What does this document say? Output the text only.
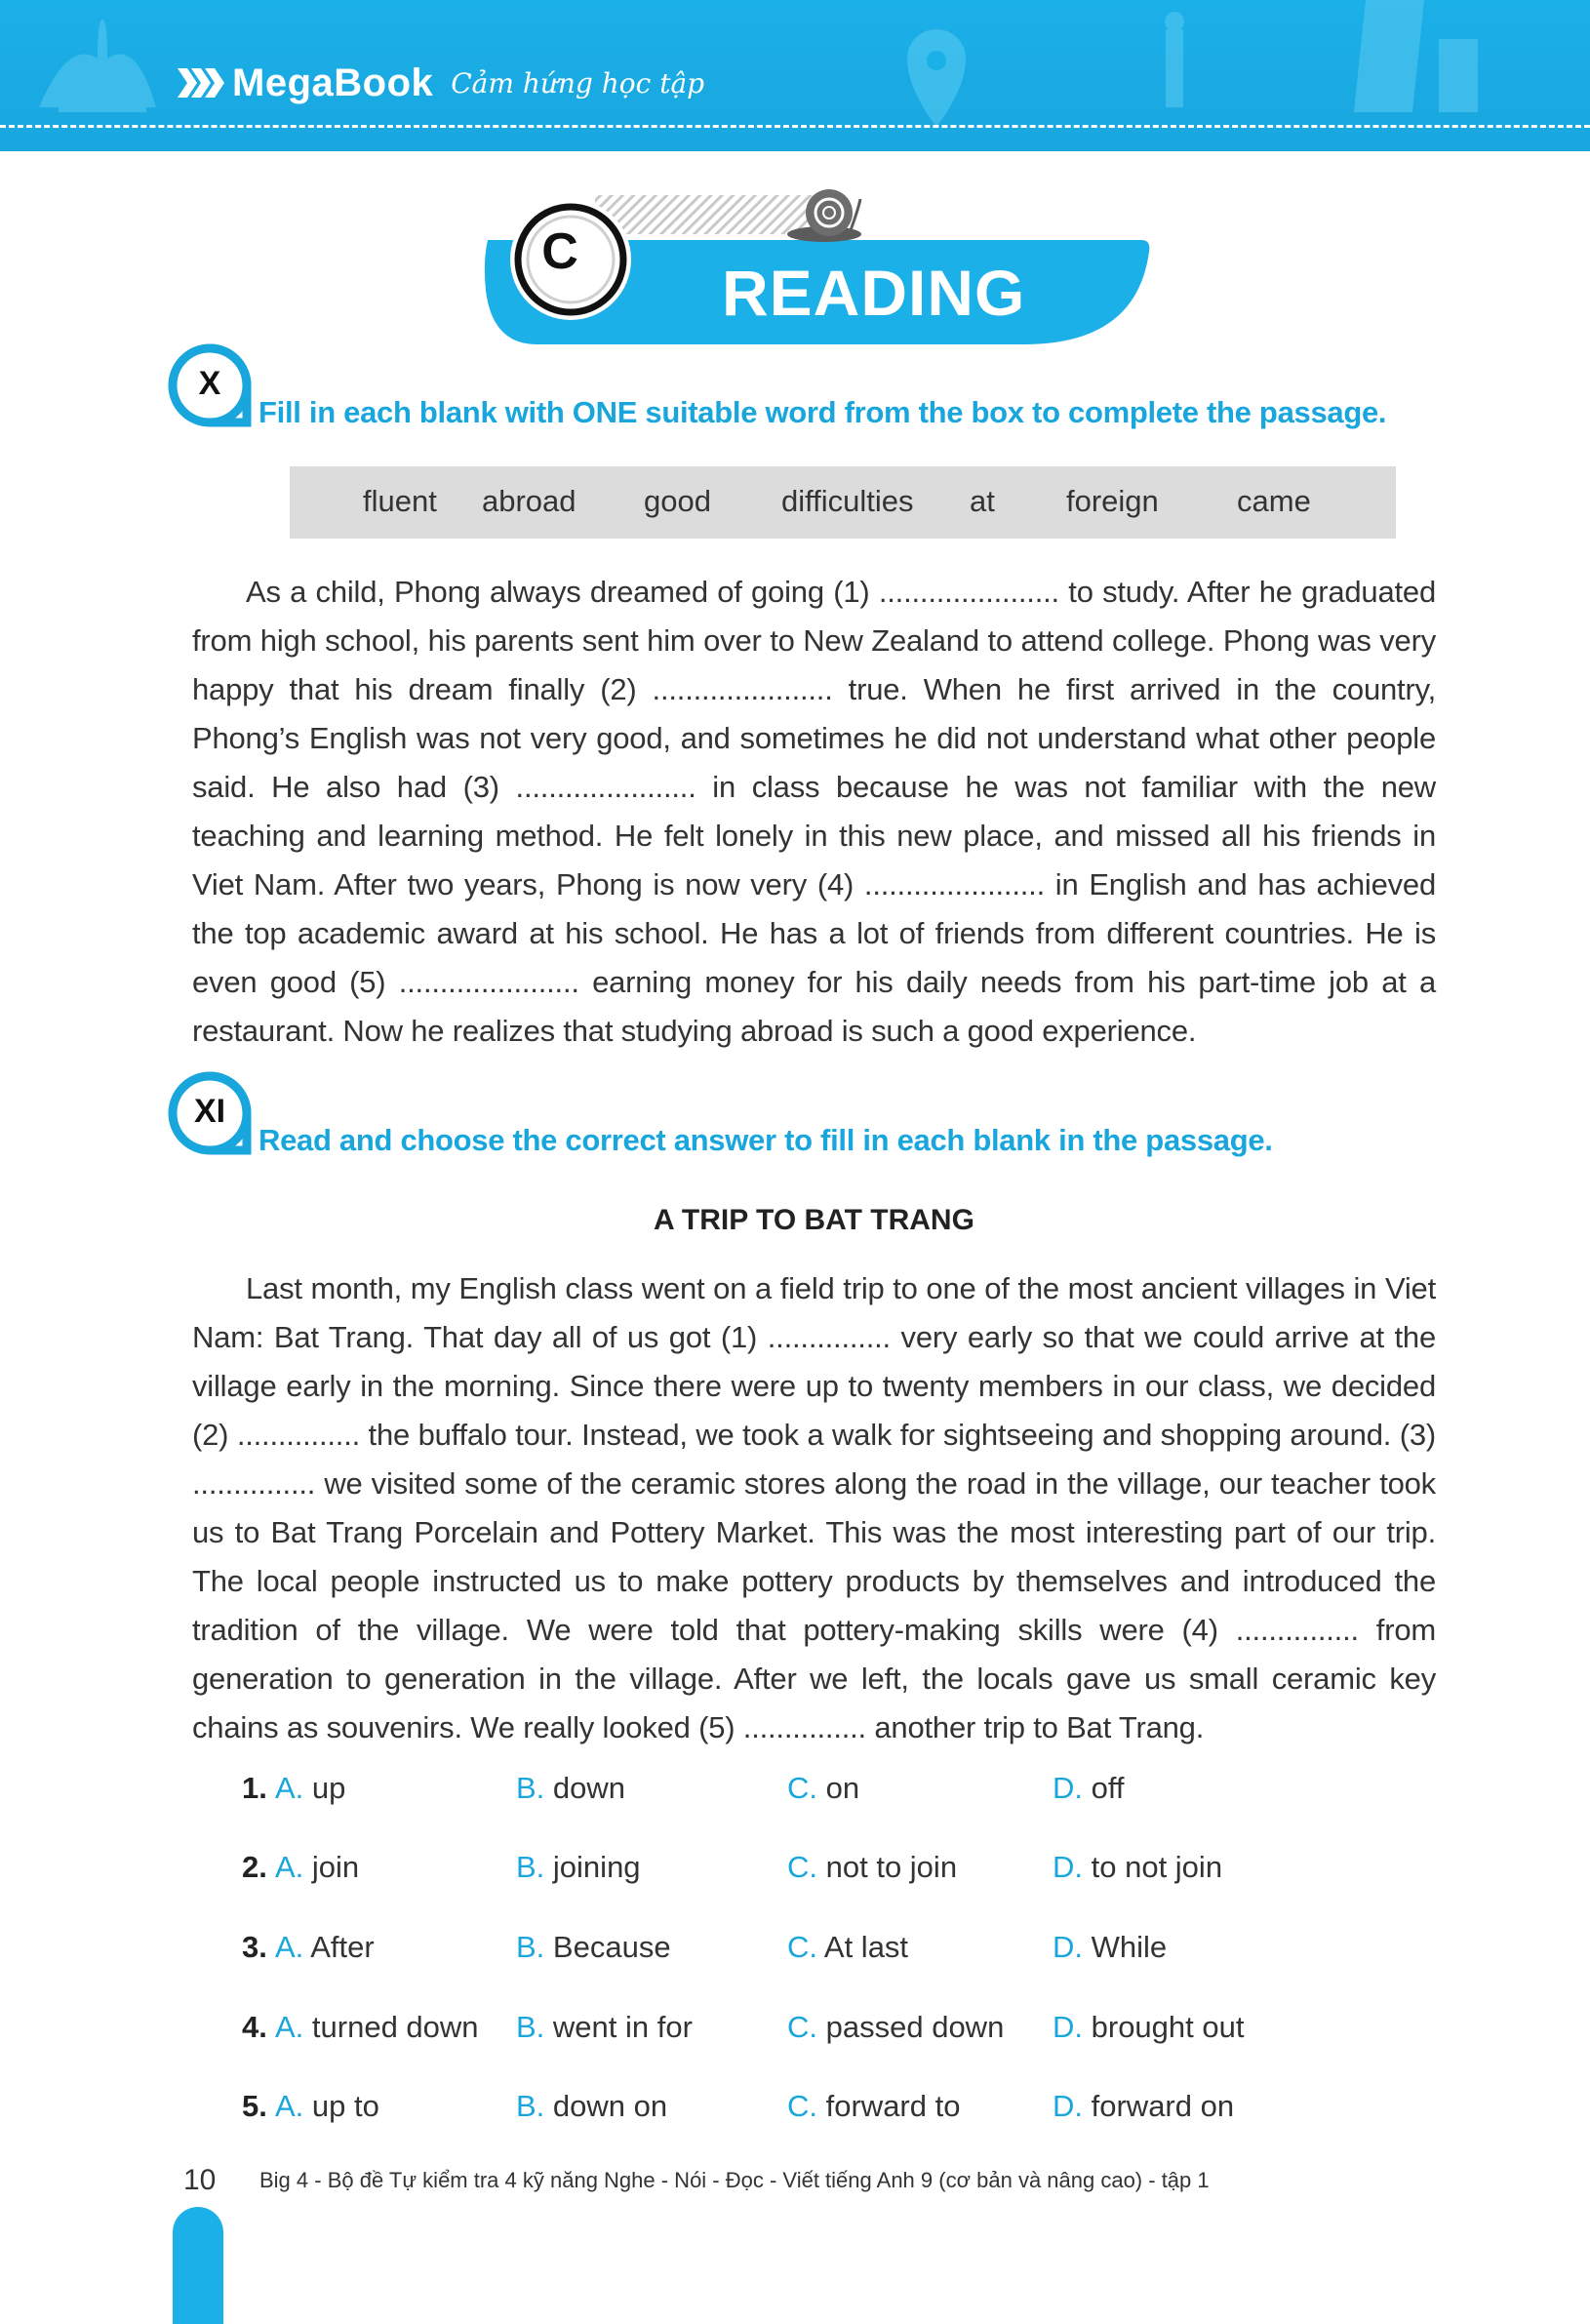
MegaBook Cảm hứng học tập
C
READING
X
Fill in each blank with ONE suitable word from the box to complete the passage.
fluent abroad good difficulties at foreign	came

As a child, Phong always dreamed of going (1) ...................... to study. After he graduated from high school, his parents sent him over to New Zealand to attend college. Phong was very happy that his dream finally (2) ...................... true. When he first arrived in the country, Phong’s English was not very good, and sometimes he did not understand what other people said. He also had (3) ...................... in class because he was not familiar with the new teaching and learning method. He felt lonely in this new place, and missed all his friends in Viet Nam. After two years, Phong is now very (4) ...................... in English and has achieved the top academic award at his school. He has a lot of friends from different countries. He is even good (5) ...................... earning money for his daily needs from his part-time job at a restaurant. Now he realizes that studying abroad is such a good experience.

XI
Read and choose the correct answer to fill in each blank in the passage.
A TRIP TO BAT TRANG

Last month, my English class went on a field trip to one of the most ancient villages in Viet Nam: Bat Trang. That day all of us got (1) ............... very early so that we could arrive at the village early in the morning. Since there were up to twenty members in our class, we decided (2) ............... the buffalo tour. Instead, we took a walk for sightseeing and shopping around. (3) ............... we visited some of the ceramic stores along the road in the village, our teacher took us to Bat Trang Porcelain and Pottery Market. This was the most interesting part of our trip. The local people instructed us to make pottery products by themselves and introduced the tradition of the village. We were told that pottery-making skills were (4) ............... from generation to generation in the village. After we left, the locals gave us small ceramic key chains as souvenirs. We really looked (5) ............... another trip to Bat Trang.

1. A. up	B. down	C. on	D. off
2. A. join	B. joining	C. not to join	D. to not join
3. A. After	B. Because	C. At last	D. While
4. A. turned down B. went in for	C. passed down D. brought out
5. A. up to	B. down on	C. forward to	D. forward on
10 Big 4 - Bộ đề Tự kiểm tra 4 kỹ năng Nghe - Nói - Đọc - Viết tiếng Anh 9 (cơ bản và nâng cao) - tập 1
